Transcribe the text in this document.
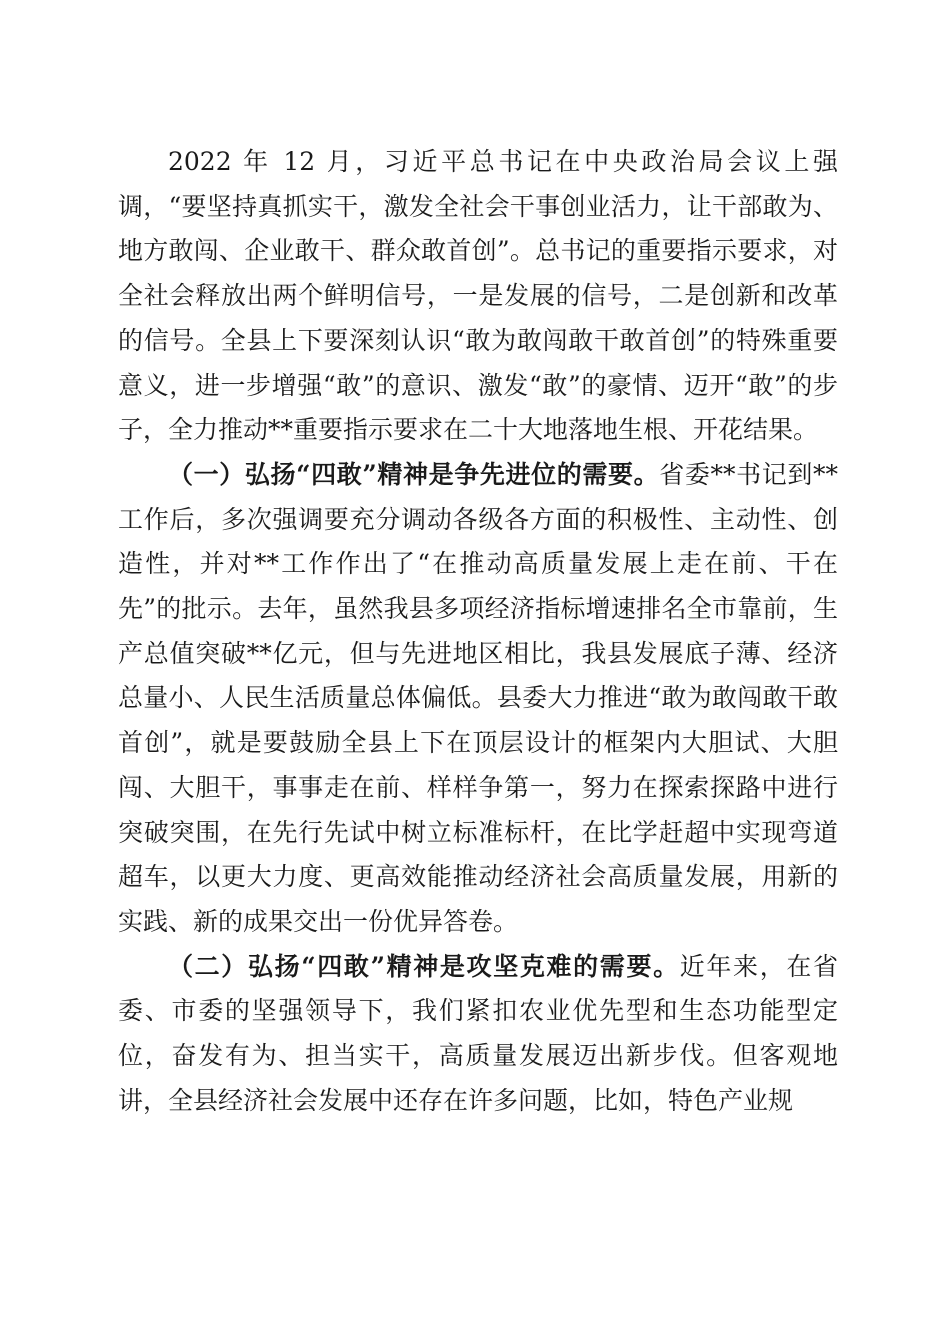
2022 年 12 月，习近平总书记在中央政治局会议上强调，“要坚持真抓实干，激发全社会干事创业活力，让干部敢为、地方敢闯、企业敢干、群众敢首创”。总书记的重要指示要求，对全社会释放出两个鲜明信号，一是发展的信号，二是创新和改革的信号。全县上下要深刻认识“敢为敢闯敢干敢首创”的特殊重要意义，进一步增强“敢”的意识、激发“敢”的豪情、迈开“敢”的步子，全力推动**重要指示要求在二十大地落地生根、开花结果。

（一）弘扬“四敢”精神是争先进位的需要。省委**书记到**工作后，多次强调要充分调动各级各方面的积极性、主动性、创造性，并对**工作作出了“在推动高质量发展上走在前、干在先”的批示。去年，虽然我县多项经济指标增速排名全市靠前，生产总值突破**亿元，但与先进地区相比，我县发展底子薄、经济总量小、人民生活质量总体偏低。县委大力推进“敢为敢闯敢干敢首创”，就是要鼓励全县上下在顶层设计的框架内大胆试、大胆闯、大胆干，事事走在前、样样争第一，努力在探索探路中进行突破突围，在先行先试中树立标准标杆，在比学赶超中实现弯道超车，以更大力度、更高效能推动经济社会高质量发展，用新的实践、新的成果交出一份优异答卷。

（二）弘扬“四敢”精神是攻坚克难的需要。近年来，在省委、市委的坚强领导下，我们紧扣农业优先型和生态功能型定位，奋发有为、担当实干，高质量发展迈出新步伐。但客观地讲，全县经济社会发展中还存在许多问题，比如，特色产业规
